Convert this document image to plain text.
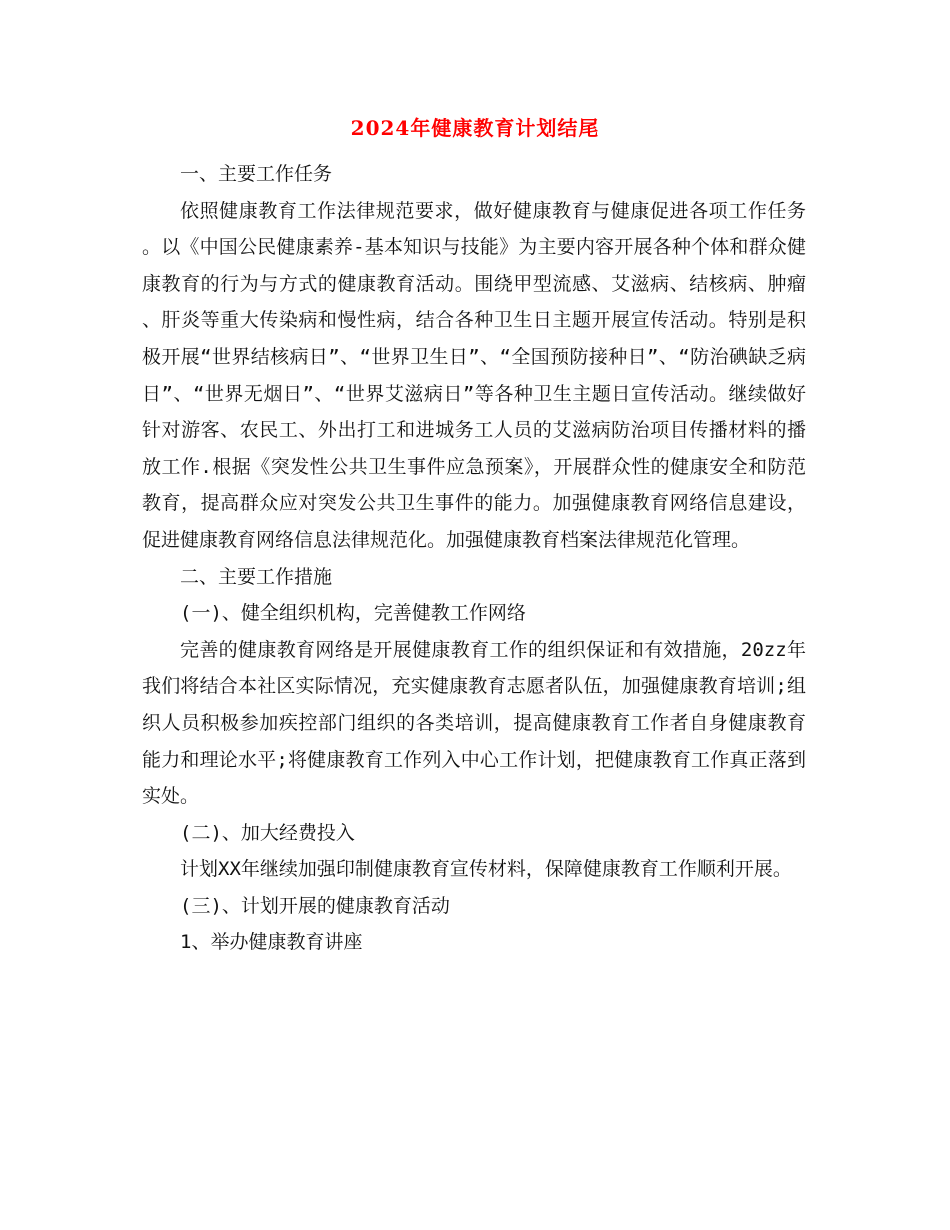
2024年健康教育计划结尾

一、主要工作任务

依照健康教育工作法律规范要求，做好健康教育与健康促进各项工作任务。以《中国公民健康素养-基本知识与技能》为主要内容开展各种个体和群众健康教育的行为与方式的健康教育活动。围绕甲型流感、艾滋病、结核病、肿瘤、肝炎等重大传染病和慢性病，结合各种卫生日主题开展宣传活动。特别是积极开展“世界结核病日”、“世界卫生日”、“全国预防接种日”、“防治碘缺乏病日”、“世界无烟日”、“世界艾滋病日”等各种卫生主题日宣传活动。继续做好针对游客、农民工、外出打工和进城务工人员的艾滋病防治项目传播材料的播放工作.根据《突发性公共卫生事件应急预案》，开展群众性的健康安全和防范教育，提高群众应对突发公共卫生事件的能力。加强健康教育网络信息建设，促进健康教育网络信息法律规范化。加强健康教育档案法律规范化管理。

二、主要工作措施

(一)、健全组织机构，完善健教工作网络

完善的健康教育网络是开展健康教育工作的组织保证和有效措施，20zz年我们将结合本社区实际情况，充实健康教育志愿者队伍，加强健康教育培训;组织人员积极参加疾控部门组织的各类培训，提高健康教育工作者自身健康教育能力和理论水平;将健康教育工作列入中心工作计划，把健康教育工作真正落到实处。

(二)、加大经费投入

计划XX年继续加强印制健康教育宣传材料，保障健康教育工作顺利开展。

(三)、计划开展的健康教育活动

1、举办健康教育讲座
